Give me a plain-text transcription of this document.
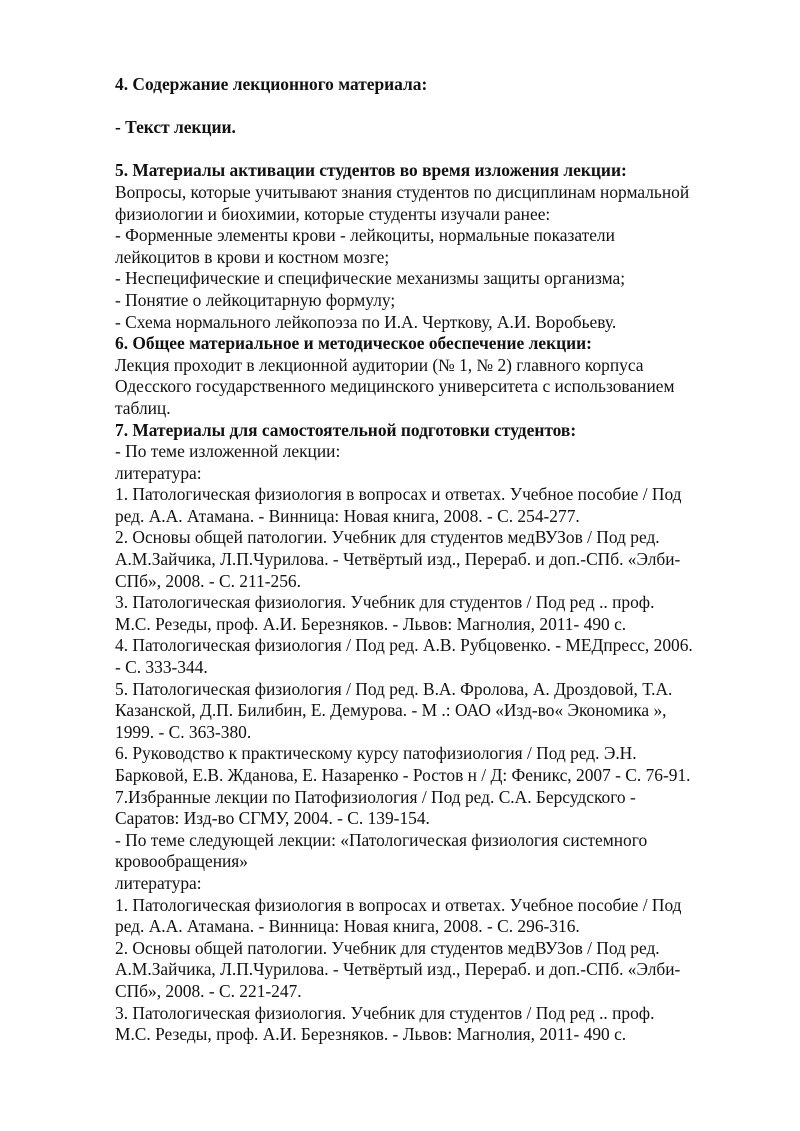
4. Содержание лекционного материала:
- Текст лекции.
5. Материалы активации студентов во время изложения лекции:
Вопросы, которые учитывают знания студентов по дисциплинам нормальной
физиологии и биохимии, которые студенты изучали ранее:
- Форменные элементы крови - лейкоциты, нормальные показатели
лейкоцитов в крови и костном мозге;
- Неспецифические и специфические механизмы защиты организма;
- Понятие о лейкоцитарную формулу;
- Схема нормального лейкопоэза по И.А. Черткову, А.И. Воробьеву.
6. Общее материальное и методическое обеспечение лекции:
Лекция проходит в лекционной аудитории (№ 1, № 2) главного корпуса
Одесского государственного медицинского университета с использованием
таблиц.
7. Материалы для самостоятельной подготовки студентов:
- По теме изложенной лекции:
литература:
1. Патологическая физиология в вопросах и ответах. Учебное пособие / Под
ред. А.А. Атамана. - Винница: Новая книга, 2008. - С. 254-277.
2. Основы общей патологии. Учебник для студентов медВУЗов / Под ред.
А.М.Зайчика, Л.П.Чурилова. - Четвёртый изд., Перераб. и доп.-СПб. «Элби-
СПб», 2008. - С. 211-256.
3. Патологическая физиология. Учебник для студентов / Под ред .. проф.
М.С. Резеды, проф. А.И. Березняков. - Львов: Магнолия, 2011- 490 с.
4. Патологическая физиология / Под ред. А.В. Рубцовенко. - МЕДпресс, 2006.
- С. 333-344.
5. Патологическая физиология / Под ред. В.А. Фролова, А. Дроздовой, Т.А.
Казанской, Д.П. Билибин, Е. Демурова. - М .: ОАО «Изд-во« Экономика »,
1999. - С. 363-380.
6. Руководство к практическому курсу патофизиология / Под ред. Э.Н.
Барковой, Е.В. Жданова, Е. Назаренко - Ростов н / Д: Феникс, 2007 - С. 76-91.
7.Избранные лекции по Патофизиология / Под ред. С.А. Берсудского -
Саратов: Изд-во СГМУ, 2004. - С. 139-154.
- По теме следующей лекции: «Патологическая физиология системного
кровообращения»
литература:
1. Патологическая физиология в вопросах и ответах. Учебное пособие / Под
ред. А.А. Атамана. - Винница: Новая книга, 2008. - С. 296-316.
2. Основы общей патологии. Учебник для студентов медВУЗов / Под ред.
А.М.Зайчика, Л.П.Чурилова. - Четвёртый изд., Перераб. и доп.-СПб. «Элби-
СПб», 2008. - С. 221-247.
3. Патологическая физиология. Учебник для студентов / Под ред .. проф.
М.С. Резеды, проф. А.И. Березняков. - Львов: Магнолия, 2011- 490 с.
